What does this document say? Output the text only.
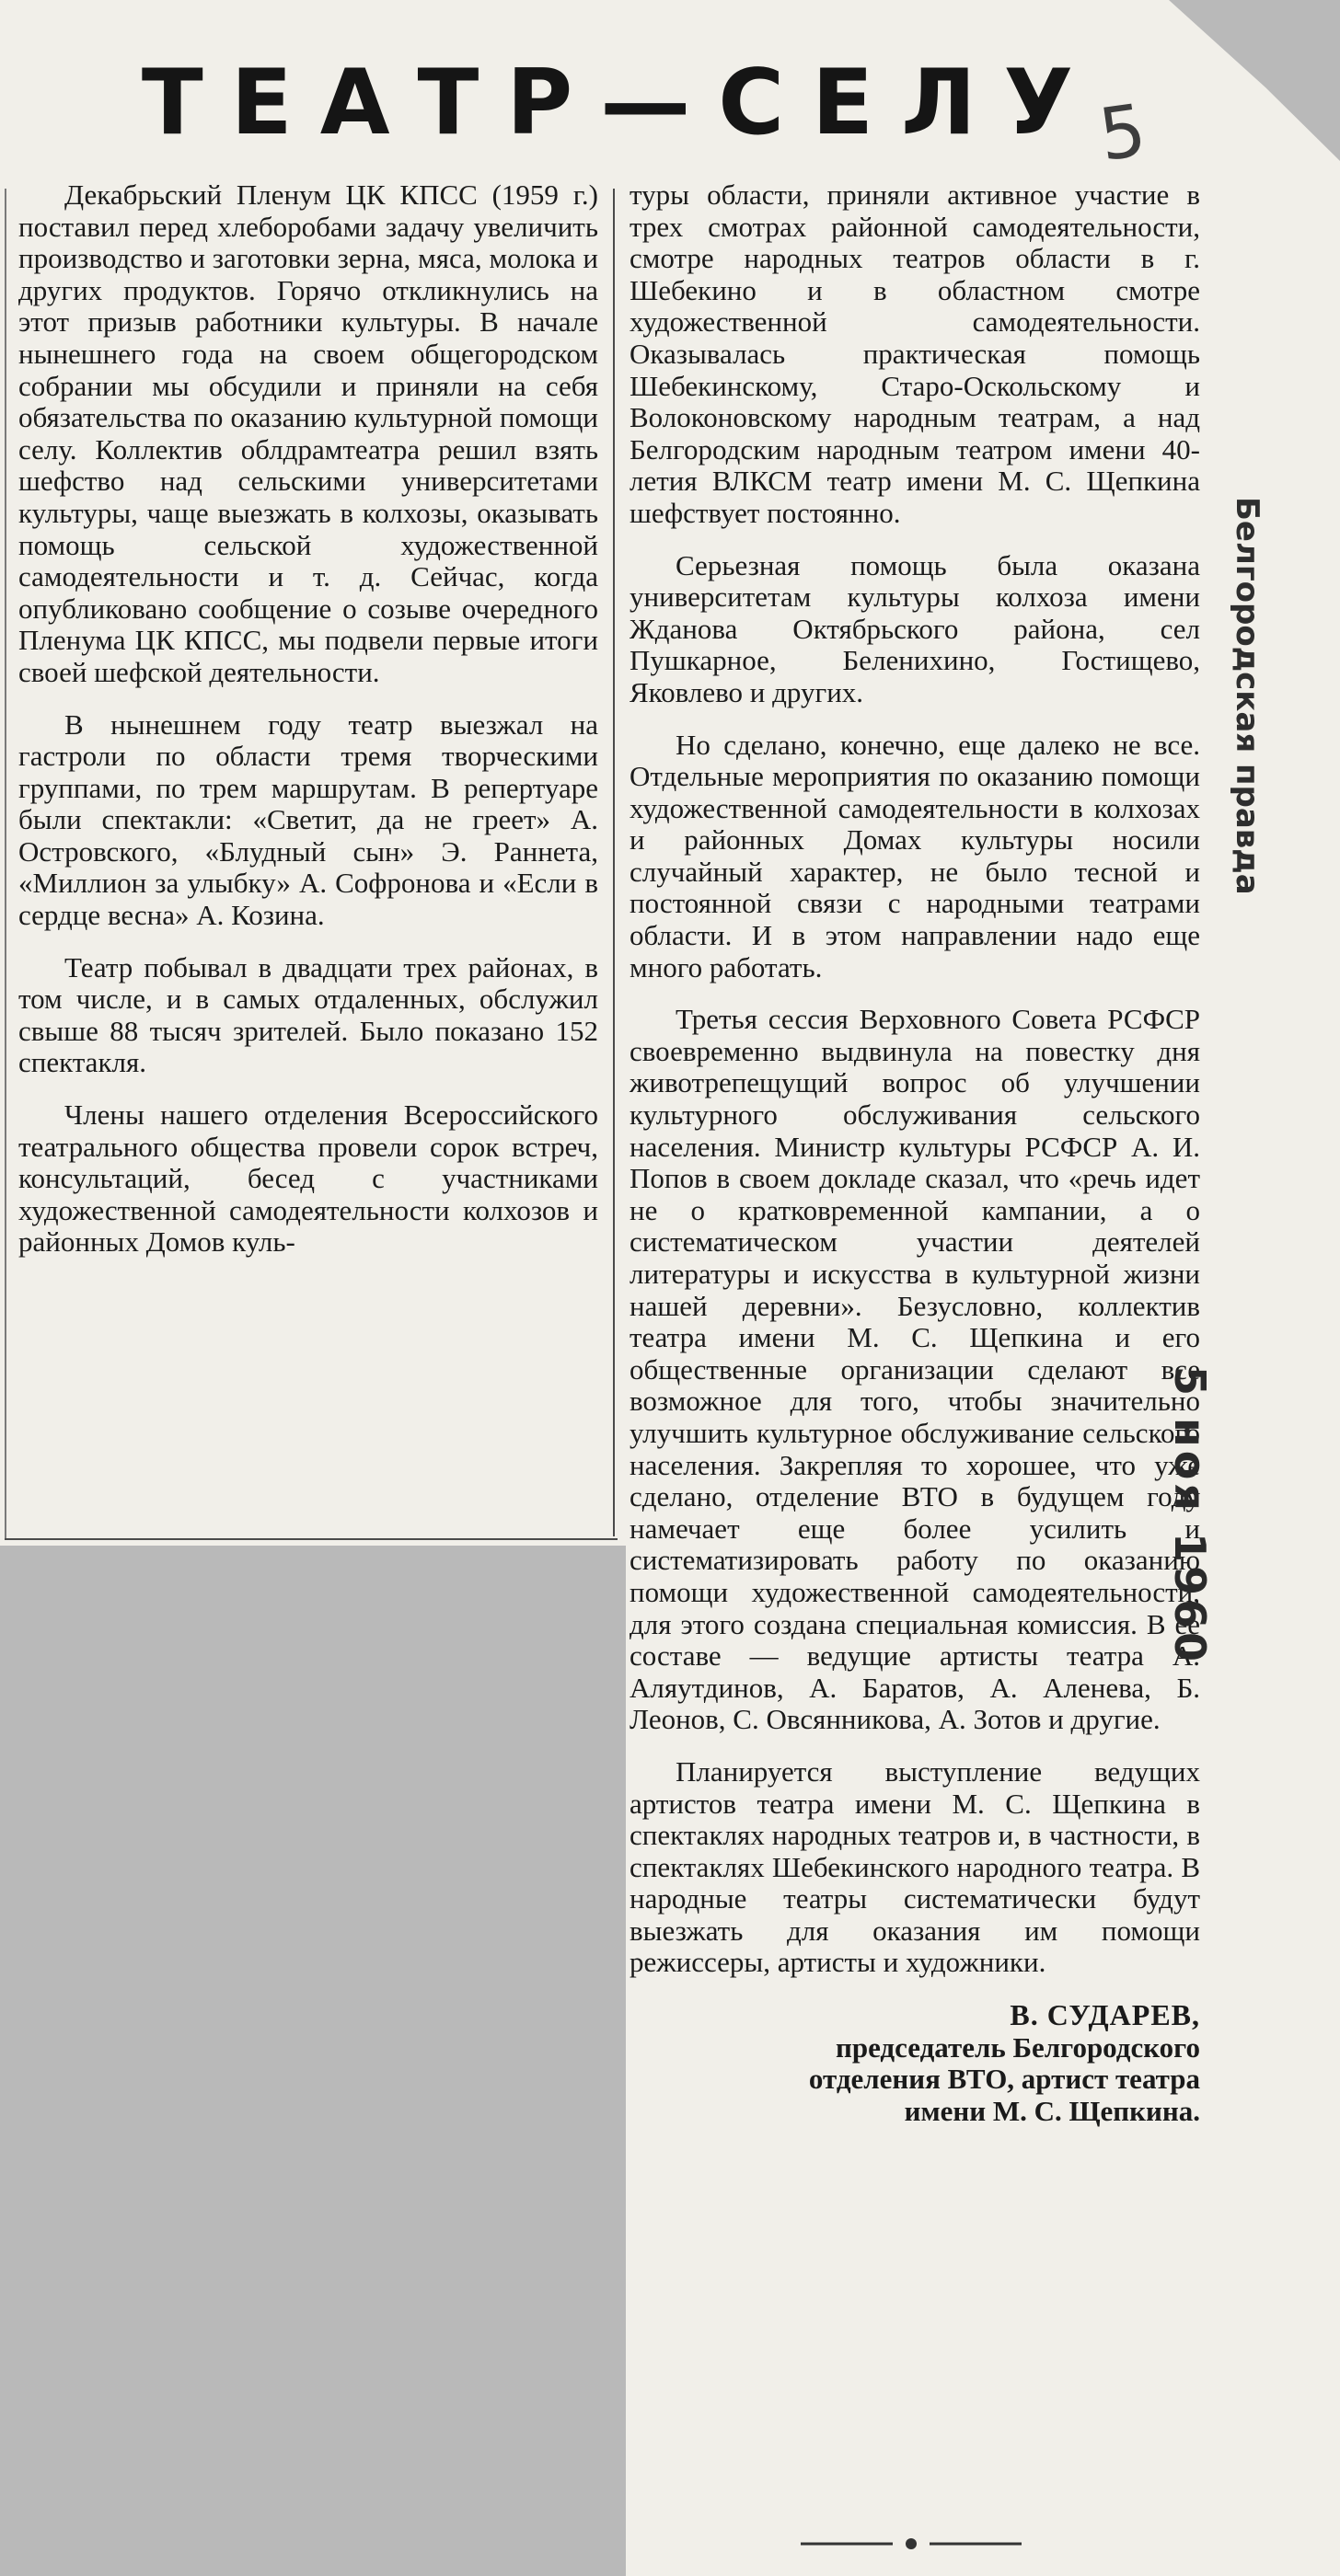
ТЕАТР—СЕЛУ
5

Декабрьский Пленум ЦК КПСС (1959 г.) поставил перед хлеборобами задачу увеличить производство и заготовки зерна, мяса, молока и других продуктов. Горячо откликнулись на этот призыв работники культуры. В начале нынешнего года на своем общегородском собрании мы обсудили и приняли на себя обязательства по оказанию культурной помощи селу. Коллектив облдрамтеатра решил взять шефство над сельскими университетами культуры, чаще выезжать в колхозы, оказывать помощь сельской художественной самодеятельности и т. д. Сейчас, когда опубликовано сообщение о созыве очередного Пленума ЦК КПСС, мы подвели первые итоги своей шефской деятельности.

В нынешнем году театр выезжал на гастроли по области тремя творческими группами, по трем маршрутам. В репертуаре были спектакли: «Светит, да не греет» А. Островского, «Блудный сын» Э. Раннета, «Миллион за улыбку» А. Софронова и «Если в сердце весна» А. Козина.

Театр побывал в двадцати трех районах, в том числе, и в самых отдаленных, обслужил свыше 88 тысяч зрителей. Было показано 152 спектакля.

Члены нашего отделения Всероссийского театрального общества провели сорок встреч, консультаций, бесед с участниками художественной самодеятельности колхозов и районных Домов куль-

туры области, приняли активное участие в трех смотрах районной самодеятельности, смотре народных театров области в г. Шебекино и в областном смотре художественной самодеятельности. Оказывалась практическая помощь Шебекинскому, Старо-Оскольскому и Волоконовскому народным театрам, а над Белгородским народным театром имени 40-летия ВЛКСМ театр имени М. С. Щепкина шефствует постоянно.

Серьезная помощь была оказана университетам культуры колхоза имени Жданова Октябрьского района, сел Пушкарное, Беленихино, Гостищево, Яковлево и других.

Но сделано, конечно, еще далеко не все. Отдельные мероприятия по оказанию помощи художественной самодеятельности в колхозах и районных Домах культуры носили случайный характер, не было тесной и постоянной связи с народными театрами области. И в этом направлении надо еще много работать.

Третья сессия Верховного Совета РСФСР своевременно выдвинула на повестку дня животрепещущий вопрос об улучшении культурного обслуживания сельского населения. Министр культуры РСФСР А. И. Попов в своем докладе сказал, что «речь идет не о кратковременной кампании, а о систематическом участии деятелей литературы и искусства в культурной жизни нашей деревни». Безусловно, коллектив театра имени М. С. Щепкина и его общественные организации сделают все возможное для того, чтобы значительно улучшить культурное обслуживание сельского населения. Закрепляя то хорошее, что уже сделано, отделение ВТО в будущем году намечает еще более усилить и систематизировать работу по оказанию помощи художественной самодеятельности, для этого создана специальная комиссия. В ее составе — ведущие артисты театра А. Аляутдинов, А. Баратов, А. Аленева, Б. Леонов, С. Овсянникова, А. Зотов и другие.

Планируется выступление ведущих артистов театра имени М. С. Щепкина в спектаклях народных театров и, в частности, в спектаклях Шебекинского народного театра. В народные театры систематически будут выезжать для оказания им помощи режиссеры, артисты и художники.

В. СУДАРЕВ,

председатель Белгородского
отделения ВТО, артист театра
имени М. С. Щепкина.
5 ноя 1960
Белгородская правда
